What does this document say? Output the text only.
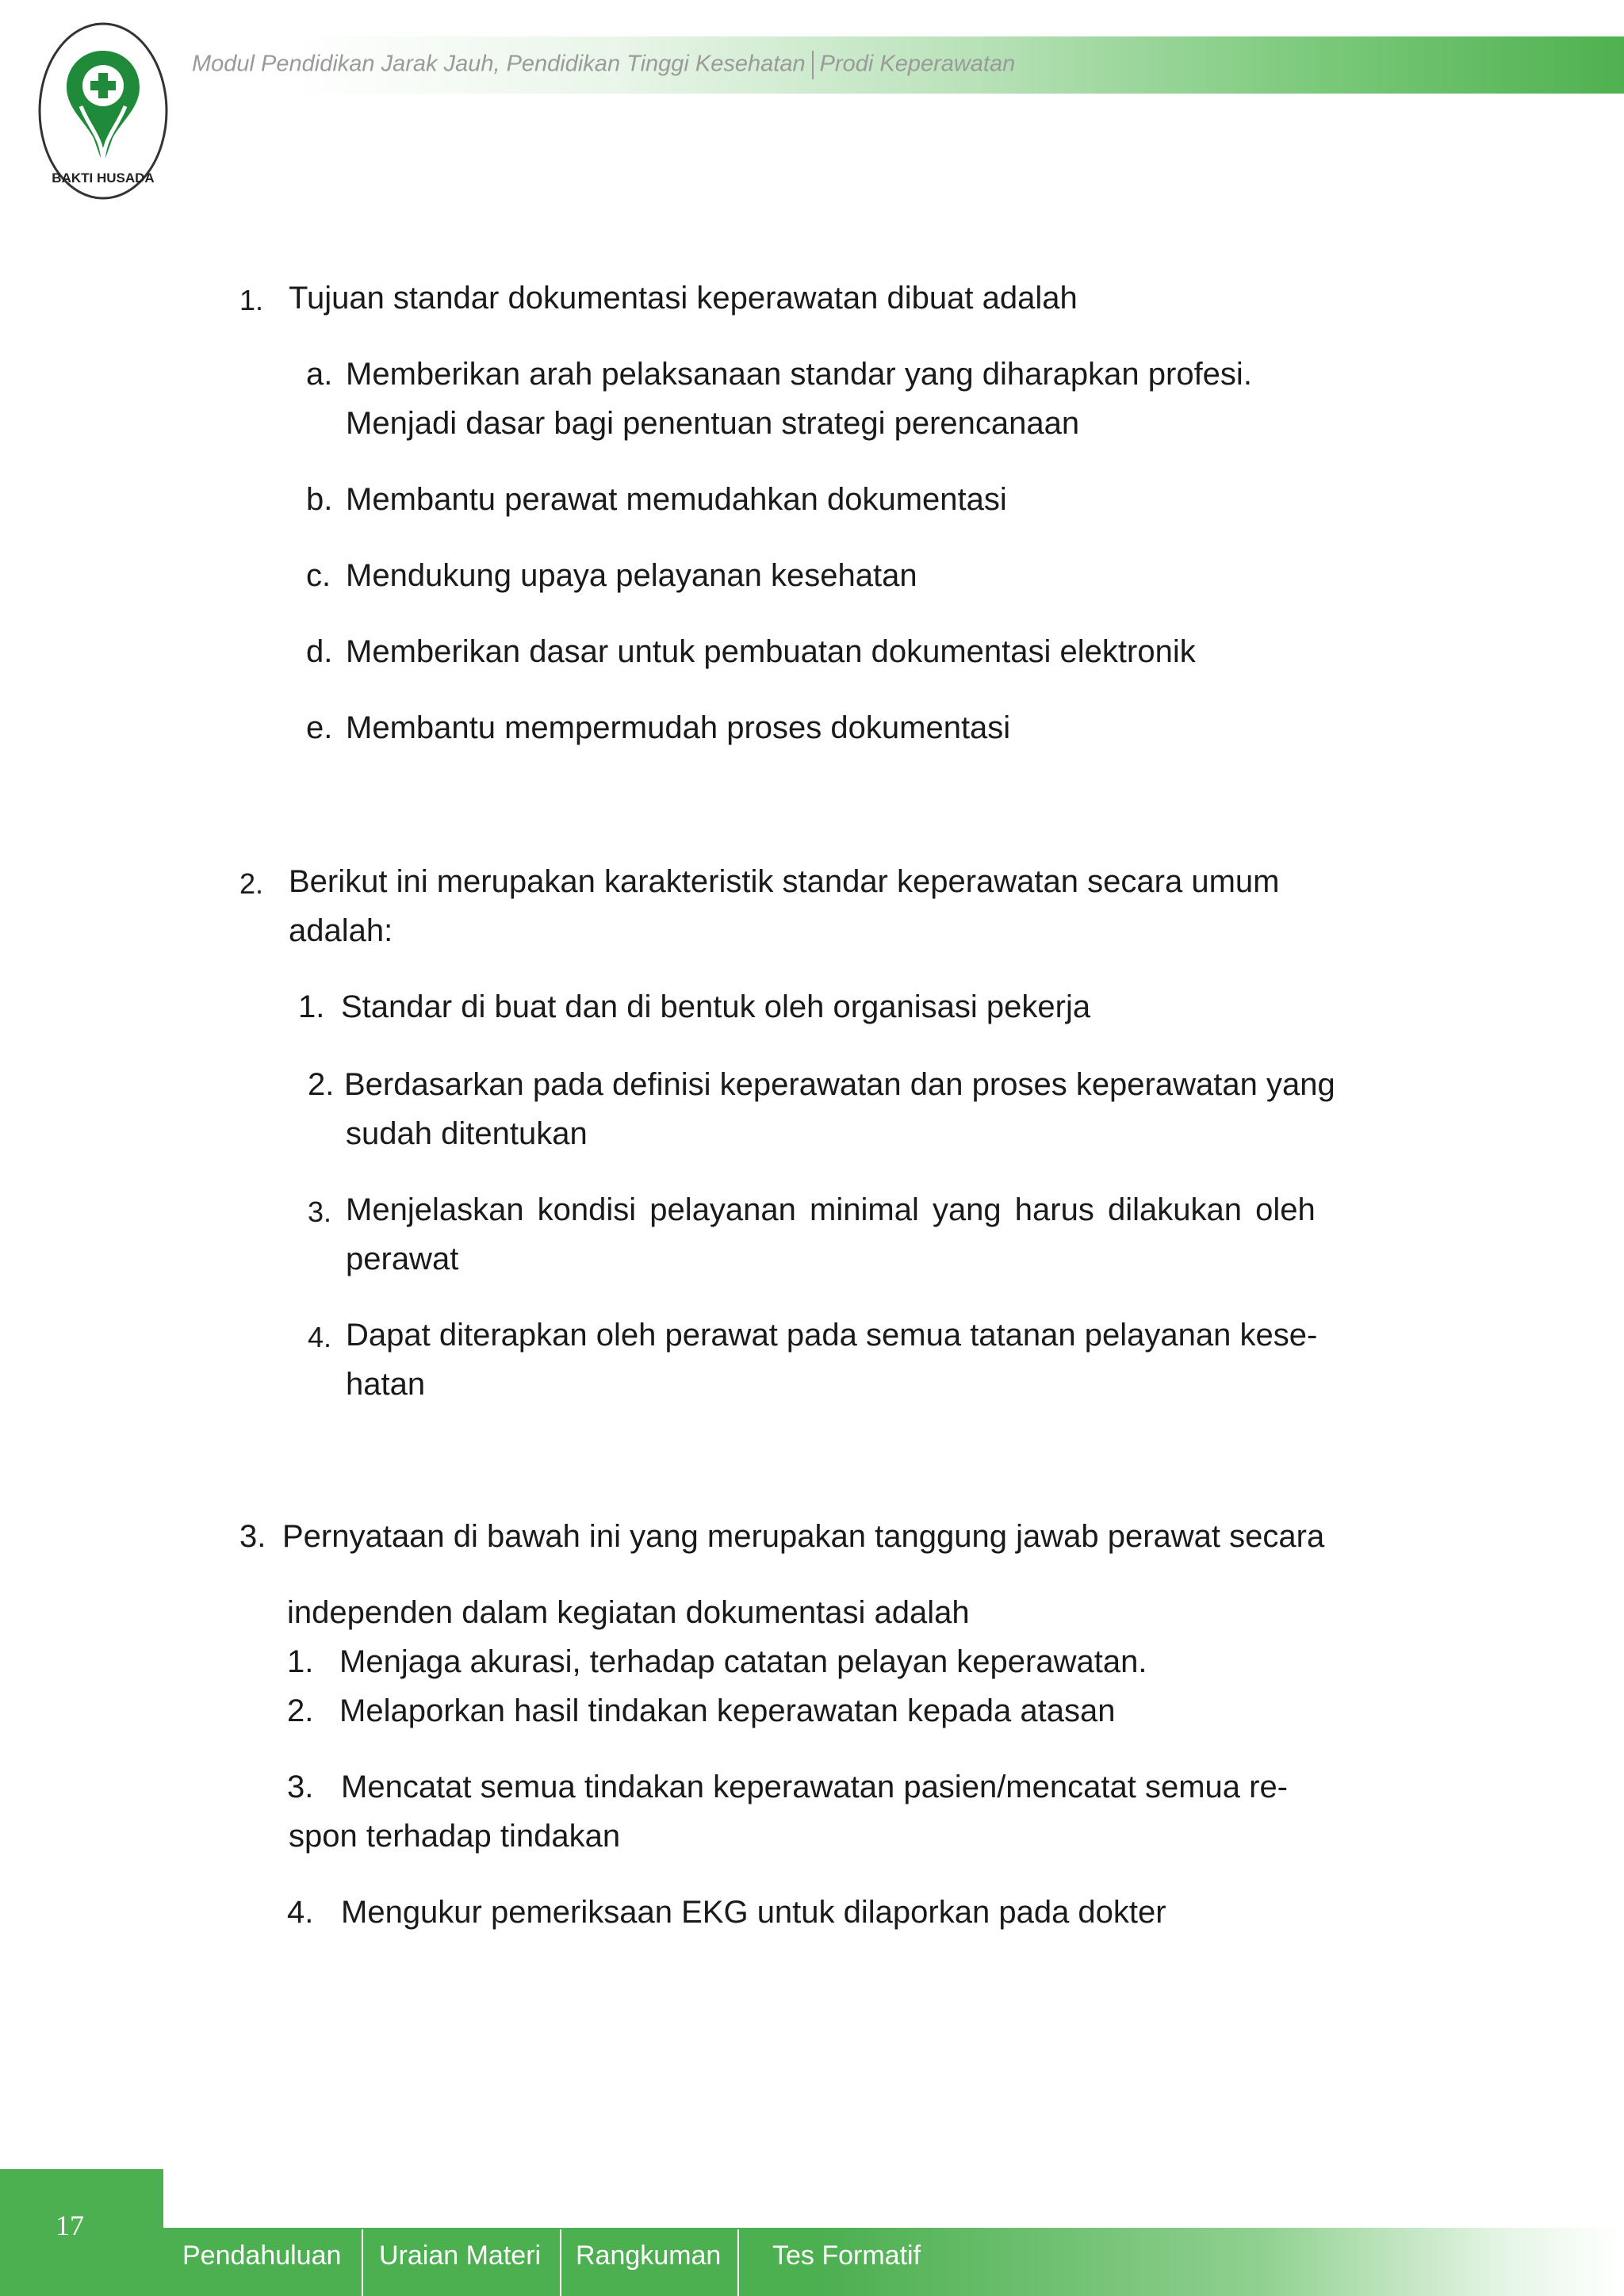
BAKTI HUSADA
Modul Pendidikan Jarak Jauh, Pendidikan Tinggi Kesehatan Prodi Keperawatan
1. Tujuan standar dokumentasi keperawatan dibuat adalah
a. Memberikan arah pelaksanaan standar yang diharapkan profesi.
Menjadi dasar bagi penentuan strategi perencanaan
b. Membantu perawat memudahkan dokumentasi
c. Mendukung upaya pelayanan kesehatan
d. Memberikan dasar untuk pembuatan dokumentasi elektronik
e. Membantu mempermudah proses dokumentasi
2. Berikut ini merupakan karakteristik standar keperawatan secara umum
adalah:
1. Standar di buat dan di bentuk oleh organisasi pekerja
2. Berdasarkan pada definisi keperawatan dan proses keperawatan yang
sudah ditentukan
3. Menjelaskan kondisi pelayanan minimal yang harus dilakukan oleh
perawat
4. Dapat diterapkan oleh perawat pada semua tatanan pelayanan kese-
hatan
3. Pernyataan di bawah ini yang merupakan tanggung jawab perawat secara
independen dalam kegiatan dokumentasi adalah
1. Menjaga akurasi, terhadap catatan pelayan keperawatan.
2. Melaporkan hasil tindakan keperawatan kepada atasan
3. Mencatat semua tindakan keperawatan pasien/mencatat semua re-
spon terhadap tindakan
4. Mengukur pemeriksaan EKG untuk dilaporkan pada dokter
17
Pendahuluan Uraian Materi Rangkuman Tes Formatif
